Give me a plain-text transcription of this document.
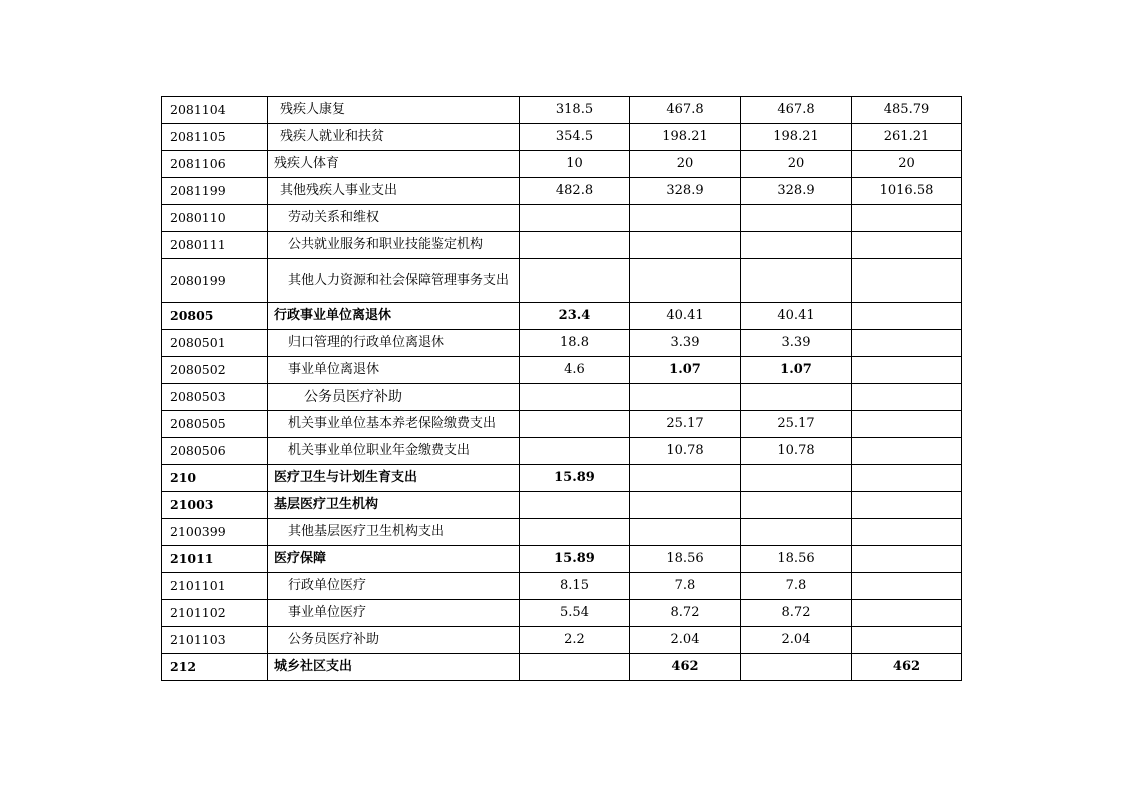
2081104	残疾人康复	318.5	467.8	467.8	485.79
2081105	残疾人就业和扶贫	354.5	198.21	198.21	261.21
2081106	残疾人体育	10	20	20	20
2081199	其他残疾人事业支出	482.8	328.9	328.9	1016.58
2080110	劳动关系和维权				
2080111	公共就业服务和职业技能鉴定机构				
2080199	其他人力资源和社会保障管理事务支出				
20805	行政事业单位离退休	23.4	40.41	40.41	
2080501	归口管理的行政单位离退休	18.8	3.39	3.39	
2080502	事业单位离退休	4.6	1.07	1.07	
2080503	公务员医疗补助				
2080505	机关事业单位基本养老保险缴费支出		25.17	25.17	
2080506	机关事业单位职业年金缴费支出		10.78	10.78	
210	医疗卫生与计划生育支出	15.89			
21003	基层医疗卫生机构				
2100399	其他基层医疗卫生机构支出				
21011	医疗保障	15.89	18.56	18.56	
2101101	行政单位医疗	8.15	7.8	7.8	
2101102	事业单位医疗	5.54	8.72	8.72	
2101103	公务员医疗补助	2.2	2.04	2.04	
212	城乡社区支出		462		462
